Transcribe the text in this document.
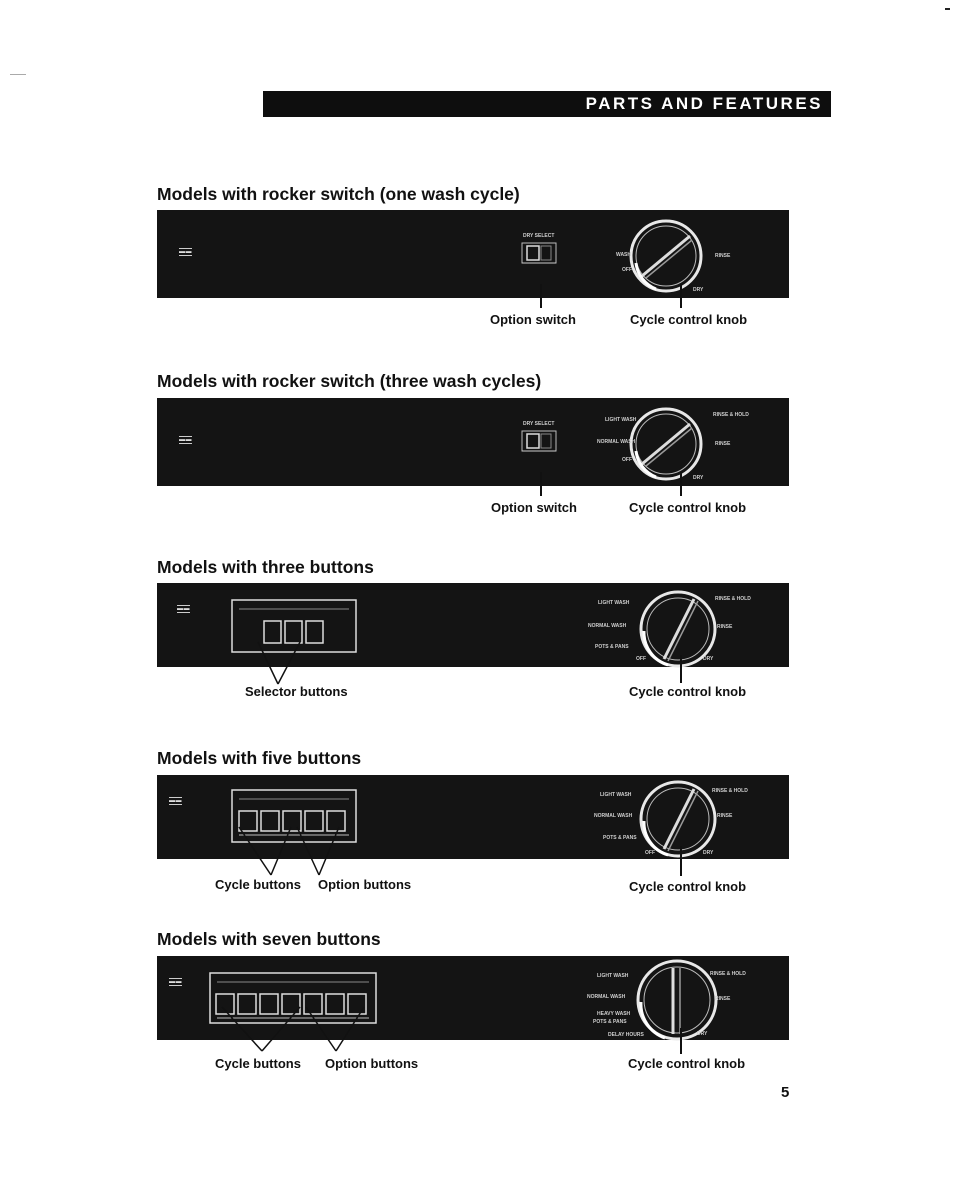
PARTS AND FEATURES
Models with rocker switch (one wash cycle)
▬▬
DRY SELECT
WASH
OFF
RINSE
DRY
Option switch	Cycle control knob
Models with rocker switch (three wash cycles)
▬▬
DRY SELECT
LIGHT WASH
NORMAL WASH
OFF
RINSE & HOLD
RINSE
DRY
Option switch	Cycle control knob
Models with three buttons
▬▬
LIGHT WASH
NORMAL WASH
POTS & PANS
OFF
RINSE & HOLD
RINSE
DRY
Selector buttons	Cycle control knob
Models with five buttons
▬▬
LIGHT WASH
NORMAL WASH
POTS & PANS
OFF
RINSE & HOLD
RINSE
DRY
Cycle buttons Option buttons	Cycle control knob
Models with seven buttons
▬▬
LIGHT WASH
NORMAL WASH
HEAVY WASH
POTS & PANS
DELAY HOURS
RINSE & HOLD
RINSE
DRY
Cycle buttons Option buttons	Cycle control knob
5
